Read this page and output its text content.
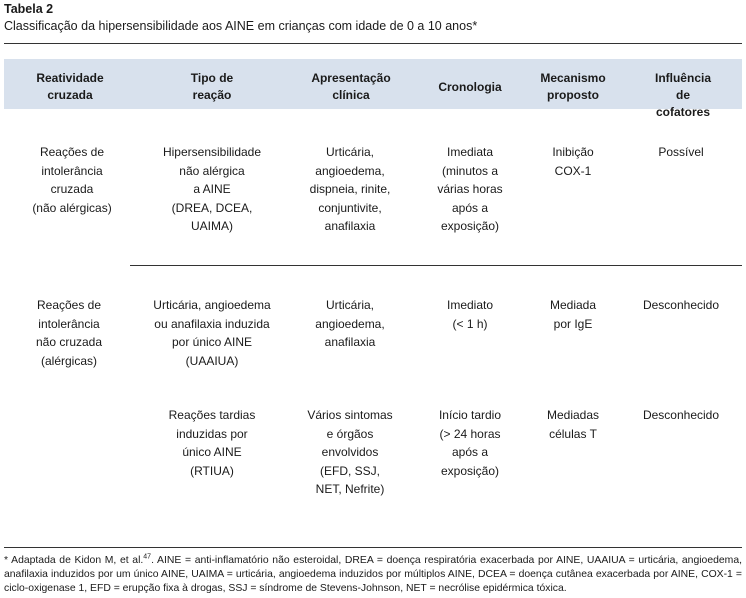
Tabela 2
Classificação da hipersensibilidade aos AINE em crianças com idade de 0 a 10 anos*
Reatividade
cruzada
Tipo de
reação
Apresentação
clínica
Cronologia
Mecanismo
proposto
Influência
de cofatores
Reações de
intolerância
cruzada
(não alérgicas)
Hipersensibilidade
não alérgica
a AINE
(DREA, DCEA,
UAIMA)
Urticária,
angioedema,
dispneia, rinite,
conjuntivite,
anafilaxia
Imediata
(minutos a
várias horas
após a
exposição)
Inibição
COX-1
Possível
Reações de
intolerância
não cruzada
(alérgicas)
Urticária, angioedema
ou anafilaxia induzida
por único AINE
(UAAIUA)
Urticária,
angioedema,
anafilaxia
Imediato
(< 1 h)
Mediada
por IgE
Desconhecido
Reações tardias
induzidas por
único AINE
(RTIUA)
Vários sintomas
e órgãos
envolvidos
(EFD, SSJ,
NET, Nefrite)
Início tardio
(> 24 horas
após a
exposição)
Mediadas
células T
Desconhecido
* Adaptada de Kidon M, et al.$^{47}$. AINE = anti-inflamatório não esteroidal, DREA = doença respiratória exacerbada por AINE, UAAIUA = urticária, angioedema, anafilaxia induzidos por um único AINE, UAIMA = urticária, angioedema induzidos por múltiplos AINE, DCEA = doença cutânea exacerbada por AINE, COX-1 = ciclo-oxigenase 1, EFD = erupção fixa à drogas, SSJ = síndrome de Stevens-Johnson, NET = necrólise epidérmica tóxica.
